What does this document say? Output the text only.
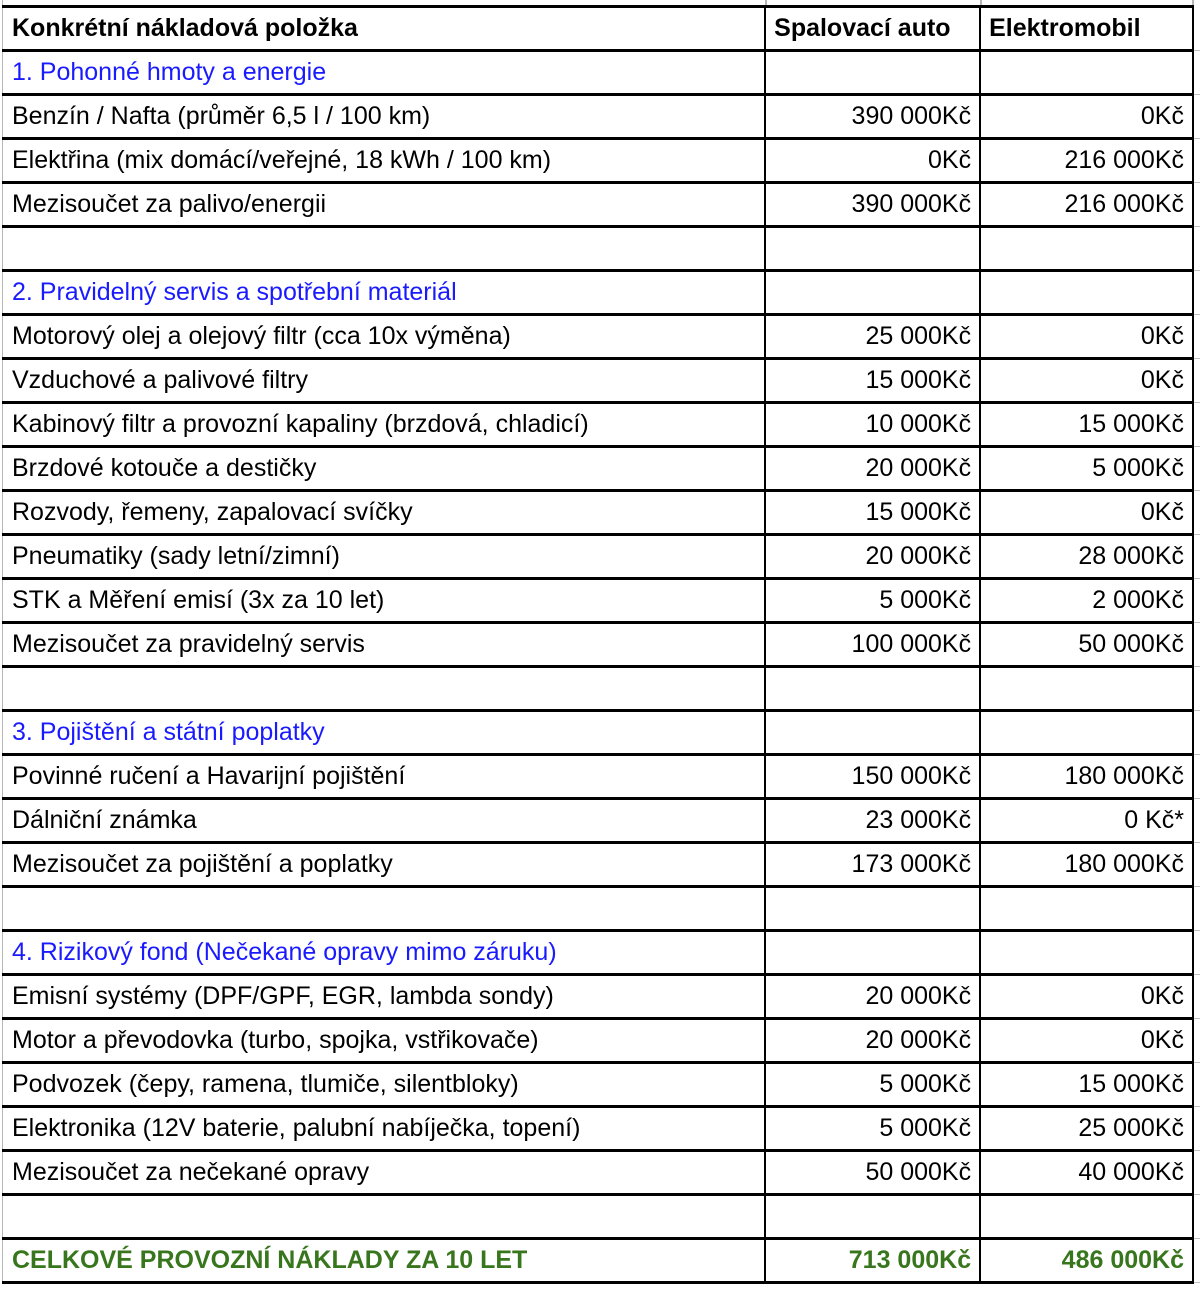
Konkrétní nákladová položka	Spalovací auto	Elektromobil	
1. Pohonné hmoty a energie			
Benzín / Nafta (průměr 6,5 l / 100 km)	390 000Kč	0Kč	
Elektřina (mix domácí/veřejné, 18 kWh / 100 km)	0Kč	216 000Kč	
Mezisoučet za palivo/energii	390 000Kč	216 000Kč	

2. Pravidelný servis a spotřební materiál			
Motorový olej a olejový filtr (cca 10x výměna)	25 000Kč	0Kč	
Vzduchové a palivové filtry	15 000Kč	0Kč	
Kabinový filtr a provozní kapaliny (brzdová, chladicí)	10 000Kč	15 000Kč	
Brzdové kotouče a destičky	20 000Kč	5 000Kč	
Rozvody, řemeny, zapalovací svíčky	15 000Kč	0Kč	
Pneumatiky (sady letní/zimní)	20 000Kč	28 000Kč	
STK a Měření emisí (3x za 10 let)	5 000Kč	2 000Kč	
Mezisoučet za pravidelný servis	100 000Kč	50 000Kč	

3. Pojištění a státní poplatky			
Povinné ručení a Havarijní pojištění	150 000Kč	180 000Kč	
Dálniční známka	23 000Kč	0 Kč*	
Mezisoučet za pojištění a poplatky	173 000Kč	180 000Kč	

4. Rizikový fond (Nečekané opravy mimo záruku)			
Emisní systémy (DPF/GPF, EGR, lambda sondy)	20 000Kč	0Kč	
Motor a převodovka (turbo, spojka, vstřikovače)	20 000Kč	0Kč	
Podvozek (čepy, ramena, tlumiče, silentbloky)	5 000Kč	15 000Kč	
Elektronika (12V baterie, palubní nabíječka, topení)	5 000Kč	25 000Kč	
Mezisoučet za nečekané opravy	50 000Kč	40 000Kč	

CELKOVÉ PROVOZNÍ NÁKLADY ZA 10 LET	713 000Kč	486 000Kč	
